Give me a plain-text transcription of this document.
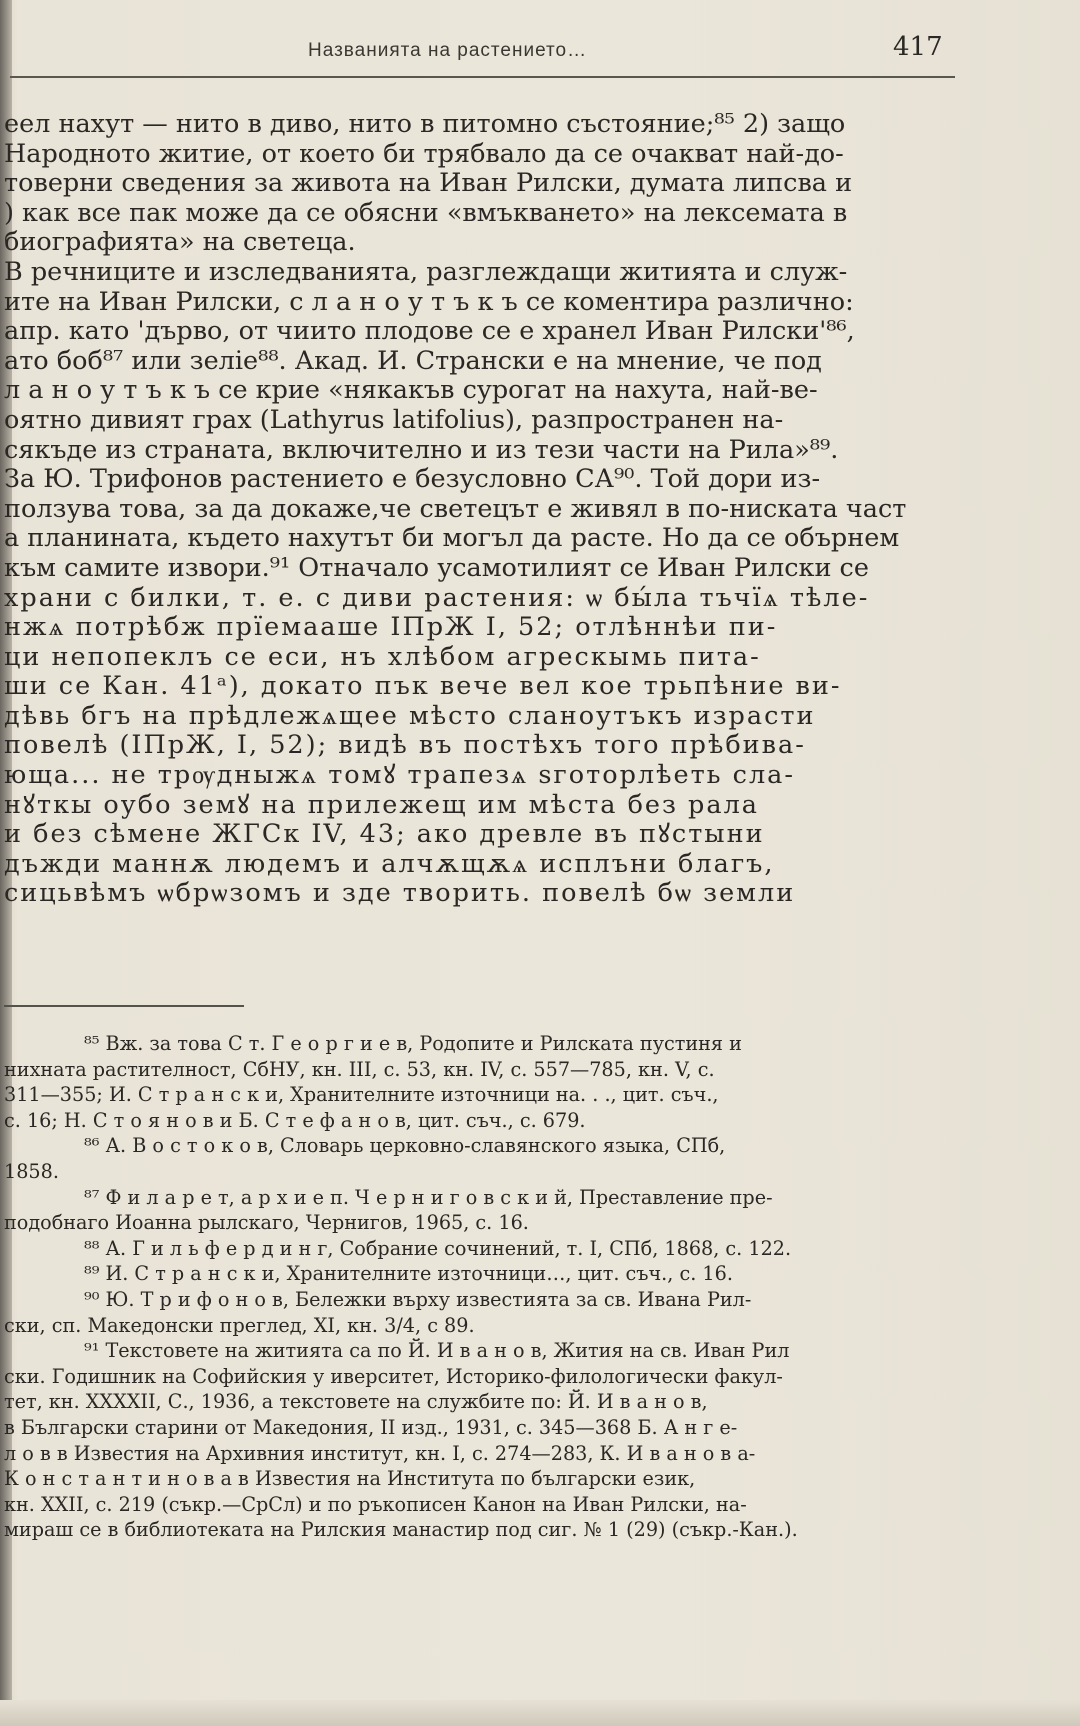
Названията на растението…	417
еел нахут — нито в диво, нито в питомно състояние;⁸⁵ 2) защо
Народното житие, от което би трябвало да се очакват най-до-
товерни сведения за живота на Иван Рилски, думата липсва и
) как все пак може да се обясни «вмъкването» на лексемата в
биографията» на светеца.
В речниците и изследванията, разглеждащи житията и служ-
ите на Иван Рилски, с л а н о у т ъ к ъ се коментира различно:
апр. като 'дърво, от чиито плодове се е хранел Иван Рилски'⁸⁶,
ато боб⁸⁷ или зеліе⁸⁸. Акад. И. Странски е на мнение, че под
л а н о у т ъ к ъ се крие «някакъв сурогат на нахута, най-ве-
оятно дивият грах (Lathyrus latifolius), разпространен на-
сякъде из страната, включително и из тези части на Рила»⁸⁹.
За Ю. Трифонов растението е безусловно СА⁹⁰. Той дори из-
ползува това, за да докаже,че светецът е живял в по-ниската част
а планината, където нахутът би могъл да расте. Но да се обърнем
към самите извори.⁹¹ Отначало усамотилият се Иван Рилски се
храни с билки, т. е. с диви растения: ѡ бы́ла тъчїѧ тѣле-
нжѧ потрѣбж прїемааше ІПрЖ І, 52; отлѣннѣи пи-
ци непопеклъ се еси, нъ хлѣбом агрескымь пита-
ши се Кан. 41ᵃ), докато пък вече вел кое трьпѣние ви-
дѣвь бгъ на прѣдлежѧщее мѣсто сланоутъкъ израсти
повелѣ (ІПрЖ, І, 52); видѣ въ постѣхъ того прѣбива-
юща... не трѹдныжѧ томꙋ трапезѧ ѕготорлѣеть сла-
нꙋткы оубо земꙋ на прилежещ им мѣста без рала
и без сѣмене ЖГСк IV, 43; ако древле въ пꙋстыни
дъжди маннѫ людемъ и алчѫщѫѧ исплъни благъ,
сицьвѣмъ ѡбрѡзомъ и зде творить. повелѣ бѡ земли
⁸⁵ Вж. за това С т. Г е о р г и е в, Родопите и Рилската пустиня и
нихната растителност, СбНУ, кн. III, с. 53, кн. IV, с. 557—785, кн. V, с.
311—355; И. С т р а н с к и, Хранителните източници на. . ., цит. съч.,
с. 16; Н. С т о я н о в и Б. С т е ф а н о в, цит. съч., с. 679.
⁸⁶ А. В о с т о к о в, Словарь церковно-славянского языка, СПб,
1858.
⁸⁷ Ф и л а р е т, а р х и е п. Ч е р н и г о в с к и й, Преставление пре-
подобнаго Иоанна рылскаго, Чернигов, 1965, с. 16.
⁸⁸ А. Г и л ь ф е р д и н г, Собрание сочинений, т. I, СПб, 1868, с. 122.
⁸⁹ И. С т р а н с к и, Хранителните източници…, цит. съч., с. 16.
⁹⁰ Ю. Т р и ф о н о в, Бележки върху известията за св. Ивана Рил-
ски, сп. Македонски преглед, XI, кн. 3/4, с 89.
⁹¹ Текстовете на житията са по Й. И в а н о в, Жития на св. Иван Рил
ски. Годишник на Софийския у иверситет, Историко-филологически факул-
тет, кн. XXXXII, С., 1936, а текстовете на службите по: Й. И в а н о в,
в Български старини от Македония, II изд., 1931, с. 345—368 Б. А н г е-
л о в в Известия на Архивния институт, кн. I, с. 274—283, К. И в а н о в а-
К о н с т а н т и н о в а в Известия на Института по български език,
кн. XXII, с. 219 (съкр.—СрСл) и по ръкописен Канон на Иван Рилски, на-
мираш се в библиотеката на Рилския манастир под сиг. № 1 (29) (съкр.-Кан.).
